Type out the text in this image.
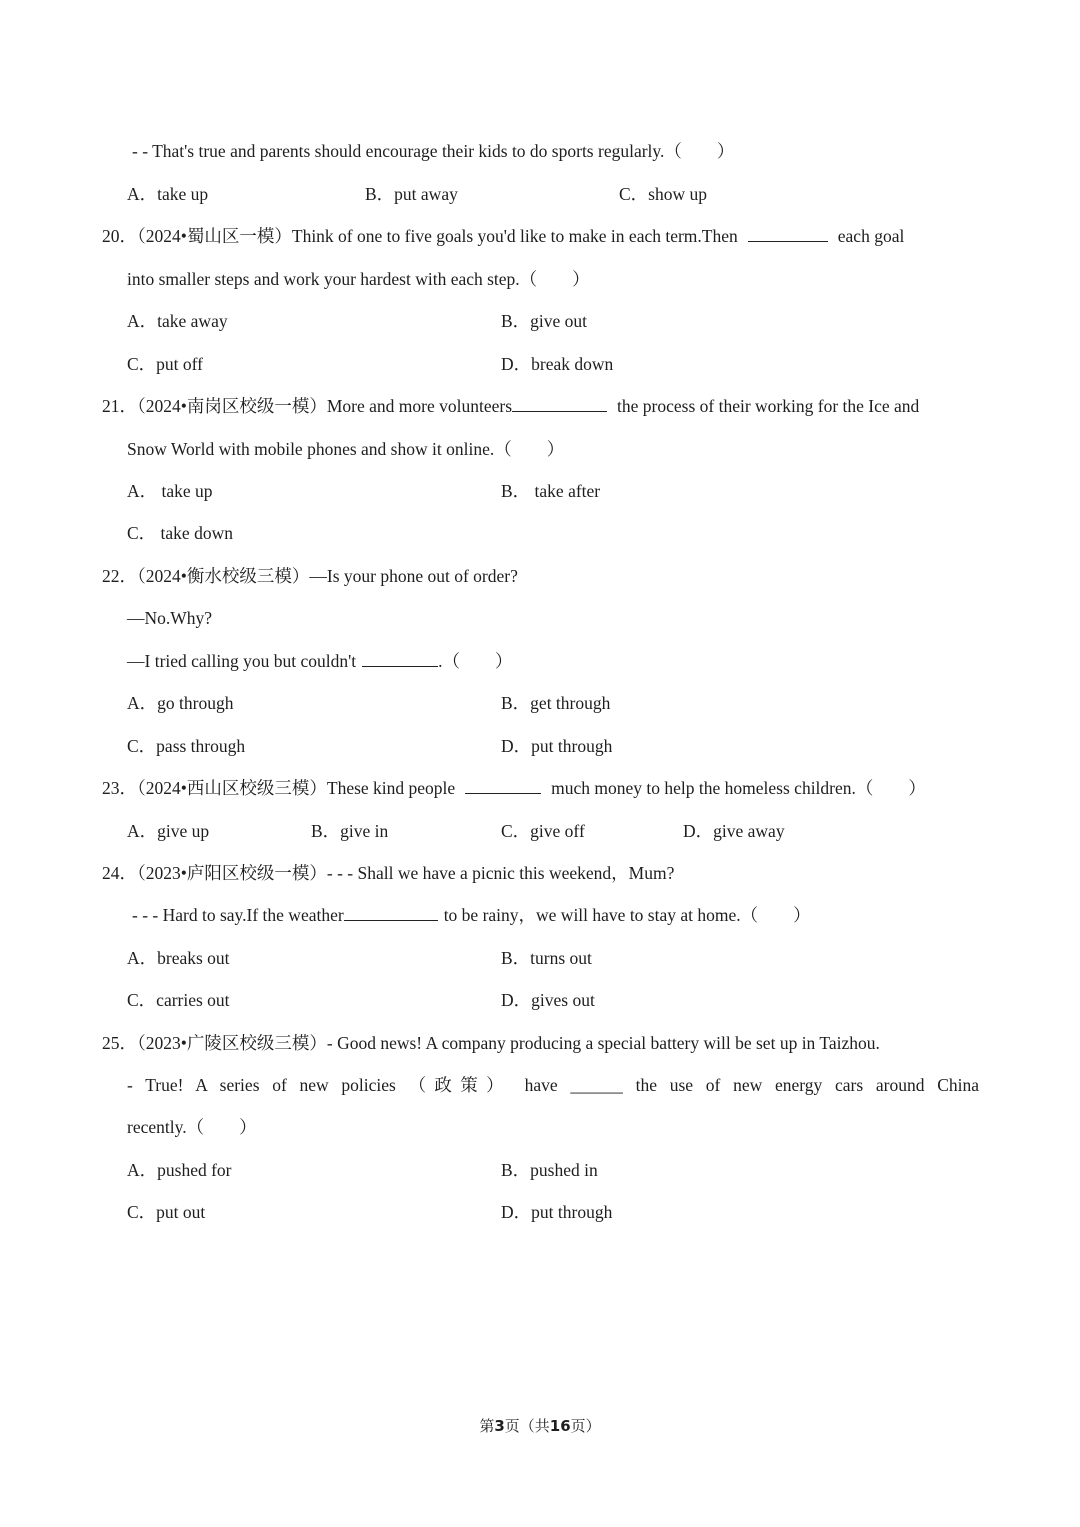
- - That's true and parents should encourage their kids to do sports regularly.（　　）
A．take up	B．put away	C．show up
20．（2024•蜀山区一模）Think of one to five goals you'd like to make in each term.Then	each goal
into smaller steps and work your hardest with each step.（　　）
A．take away	B．give out
C．put off	D．break down
21．（2024•南岗区校级一模）More and more volunteers	the process of their working for the Ice and
Snow World with mobile phones and show it online.（　　）
A． take up	B． take after
C． take down
22．（2024•衡水校级三模）—Is your phone out of order?
—No.Why?
—I tried calling you but couldn't	.（　　）
A．go through	B．get through
C．pass through	D．put through
23．（2024•西山区校级三模）These kind people	much money to help the homeless children.（　　）
A．give up	B．give in	C．give off	D．give away
24．（2023•庐阳区校级一模）- - - Shall we have a picnic this weekend，Mum?
- - - Hard to say.If the weather	to be rainy，we will have to stay at home.（　　）
A．breaks out	B．turns out
C．carries out	D．gives out
25．（2023•广陵区校级三模）- Good news! A company producing a special battery will be set up in Taizhou.
- True! A series of new policies （政策） have ______ the use of new energy cars around China
recently.（　　）
A．pushed for	B．pushed in
C．put out	D．put through
第3页（共16页）
